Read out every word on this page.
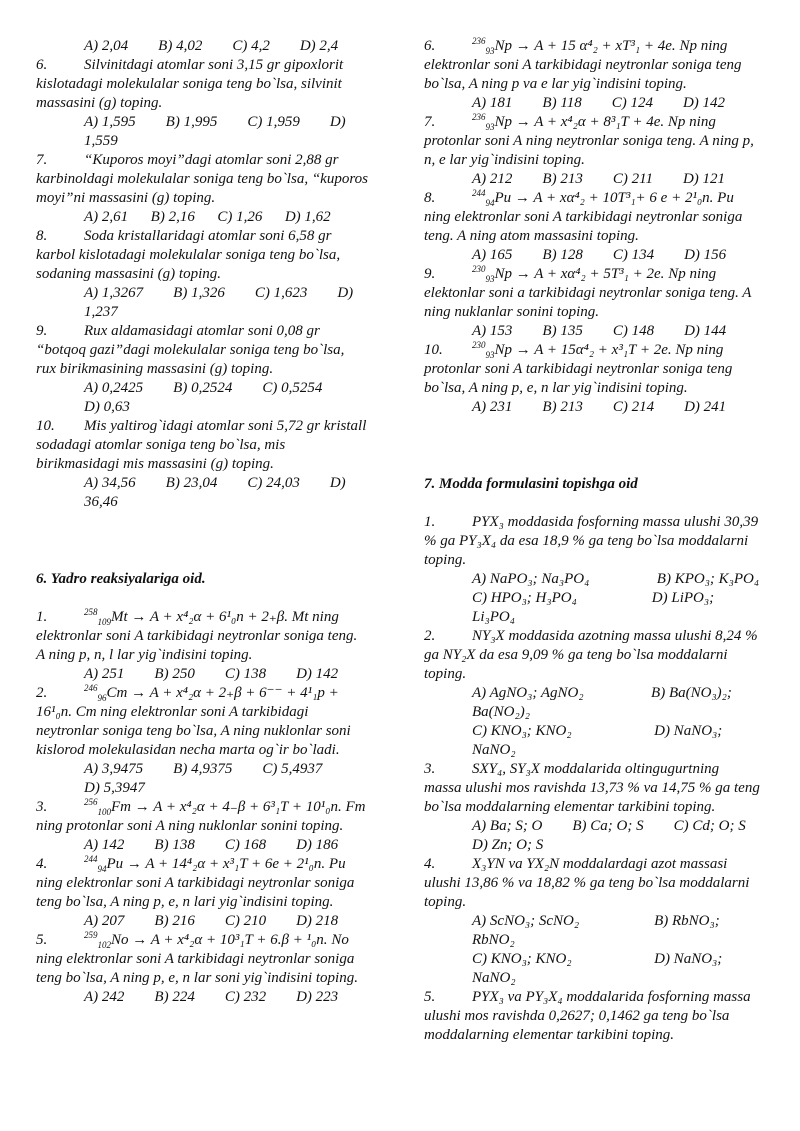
A) 2,04        B) 4,02        C) 4,2        D) 2,4

6. Silvinitdagi atomlar soni 3,15 gr gipoxlorit kislotadagi molekulalar soniga teng bo`lsa, silvinit massasini (g) toping.

A) 1,595        B) 1,995        C) 1,959        D) 1,559

7. “Kuporos moyi”dagi atomlar soni 2,88 gr karbinoldagi molekulalar soniga teng bo`lsa, “kuporos moyi”ni massasini (g) toping.

A) 2,61      B) 2,16      C) 1,26      D) 1,62

8. Soda kristallaridagi atomlar soni 6,58 gr karbol kislotadagi molekulalar soniga teng bo`lsa, sodaning massasini (g) toping.

A) 1,3267        B) 1,326        C) 1,623        D) 1,237

9. Rux aldamasidagi atomlar soni 0,08 gr “botqoq gazi”dagi molekulalar soniga teng bo`lsa, rux birikmasining massasini (g) toping.

A) 0,2425        B) 0,2524        C) 0,5254        D) 0,63

10. Mis yaltirog`idagi atomlar soni 5,72 gr kristall sodadagi atomlar soniga teng bo`lsa, mis birikmasidagi mis massasini (g) toping.

A) 34,56        B) 23,04        C) 24,03        D) 36,46

6. Yadro reaksiyalariga oid.

1.	$^{258}_{109}$Mt → A + x⁴₂α + 6¹₀n + 2₊β. Mt ning elektronlar soni A tarkibidagi neytronlar soniga teng. A ning p, n, l lar yig`indisini toping.

A) 251        B) 250        C) 138        D) 142

2.	$^{246}_{96}$Cm → A + x⁴₂α + 2₊β + 6⁻⁻ + 4¹₁p + 16¹₀n. Cm ning elektronlar soni A tarkibidagi neytronlar soniga teng bo`lsa, A ning nuklonlar soni kislorod molekulasidan necha marta og`ir bo`ladi.

A) 3,9475        B) 4,9375        C) 5,4937        D) 5,3947

3.	$^{256}_{100}$Fm → A + x⁴₂α + 4₋β + 6³₁T + 10¹₀n. Fm ning protonlar soni A ning nuklonlar sonini toping.

A) 142        B) 138        C) 168        D) 186

4.	$^{244}_{94}$Pu → A + 14⁴₂α + x³₁T + 6e + 2¹₀n. Pu ning elektronlar soni A tarkibidagi neytronlar soniga teng bo`lsa, A ning p, e, n lari yig`indisini toping.

A) 207        B) 216        C) 210        D) 218

5.	$^{259}_{102}$No → A + x⁴₂α + 10³₁T + 6.β + ¹₀n. No ning elektronlar soni A tarkibidagi neytronlar soniga teng bo`lsa, A ning p, e, n lar soni yig`indisini toping.

A) 242        B) 224        C) 232        D) 223

6.	$^{236}_{93}$Np → A + 15 α⁴₂ + xT³₁ + 4e. Np ning elektronlar soni A tarkibidagi neytronlar soniga teng bo`lsa, A ning p va e lar yig`indisini toping.

A) 181        B) 118        C) 124        D) 142

7.	$^{236}_{93}$Np → A + x⁴₂α + 8³₁T + 4e. Np ning protonlar soni A ning neytronlar soniga teng. A ning p, n, e lar yig`indisini toping.

A) 212        B) 213        C) 211        D) 121

8.	$^{244}_{94}$Pu → A + xα⁴₂ + 10T³₁+ 6 e + 2¹₀n. Pu ning elektronlar soni A tarkibidagi neytronlar soniga teng. A ning atom massasini toping.

A) 165        B) 128        C) 134        D) 156

9.	$^{230}_{93}$Np → A + xα⁴₂ + 5T³₁ + 2e. Np ning elektonlar soni a tarkibidagi neytronlar soniga teng. A ning nuklanlar sonini toping.

A) 153        B) 135        C) 148        D) 144

10.	$^{230}_{93}$Np → A + 15α⁴₂ + x³₁T + 2e. Np ning protonlar soni A tarkibidagi neytronlar soniga teng bo`lsa, A ning p, e, n lar yig`indisini toping.

A) 231        B) 213        C) 214        D) 241

7. Modda formulasini topishga oid

1. PYX₃ moddasida fosforning massa ulushi 30,39 % ga PY₃X₄ da esa 18,9 % ga teng bo`lsa moddalarni toping.

A) NaPO₃; Na₃PO₄                  B) KPO₃; K₃PO₄

C) HPO₃; H₃PO₄                    D) LiPO₃; Li₃PO₄

2. NY₃X moddasida azotning massa ulushi 8,24 % ga NY₂X da esa 9,09 % ga teng bo`lsa moddalarni toping.

A) AgNO₃; AgNO₂                  B) Ba(NO₃)₂; Ba(NO₂)₂

C) KNO₃; KNO₂                      D) NaNO₃; NaNO₂

3. SXY₄, SY₃X moddalarida oltingugurtning massa ulushi mos ravishda 13,73 % va 14,75 % ga teng bo`lsa moddalarning elementar tarkibini toping.

A) Ba; S; O        B) Ca; O; S        C) Cd; O; S        D) Zn; O; S

4. X₃YN va YX₂N moddalardagi azot massasi ulushi 13,86 % va 18,82 % ga teng bo`lsa moddalarni toping.

A) ScNO₃; ScNO₂                    B) RbNO₃; RbNO₂

C) KNO₃; KNO₂                      D) NaNO₃; NaNO₂

5. PYX₃ va PY₃X₄ moddalarida fosforning massa ulushi mos ravishda 0,2627; 0,1462 ga teng bo`lsa moddalarning elementar tarkibini toping.
